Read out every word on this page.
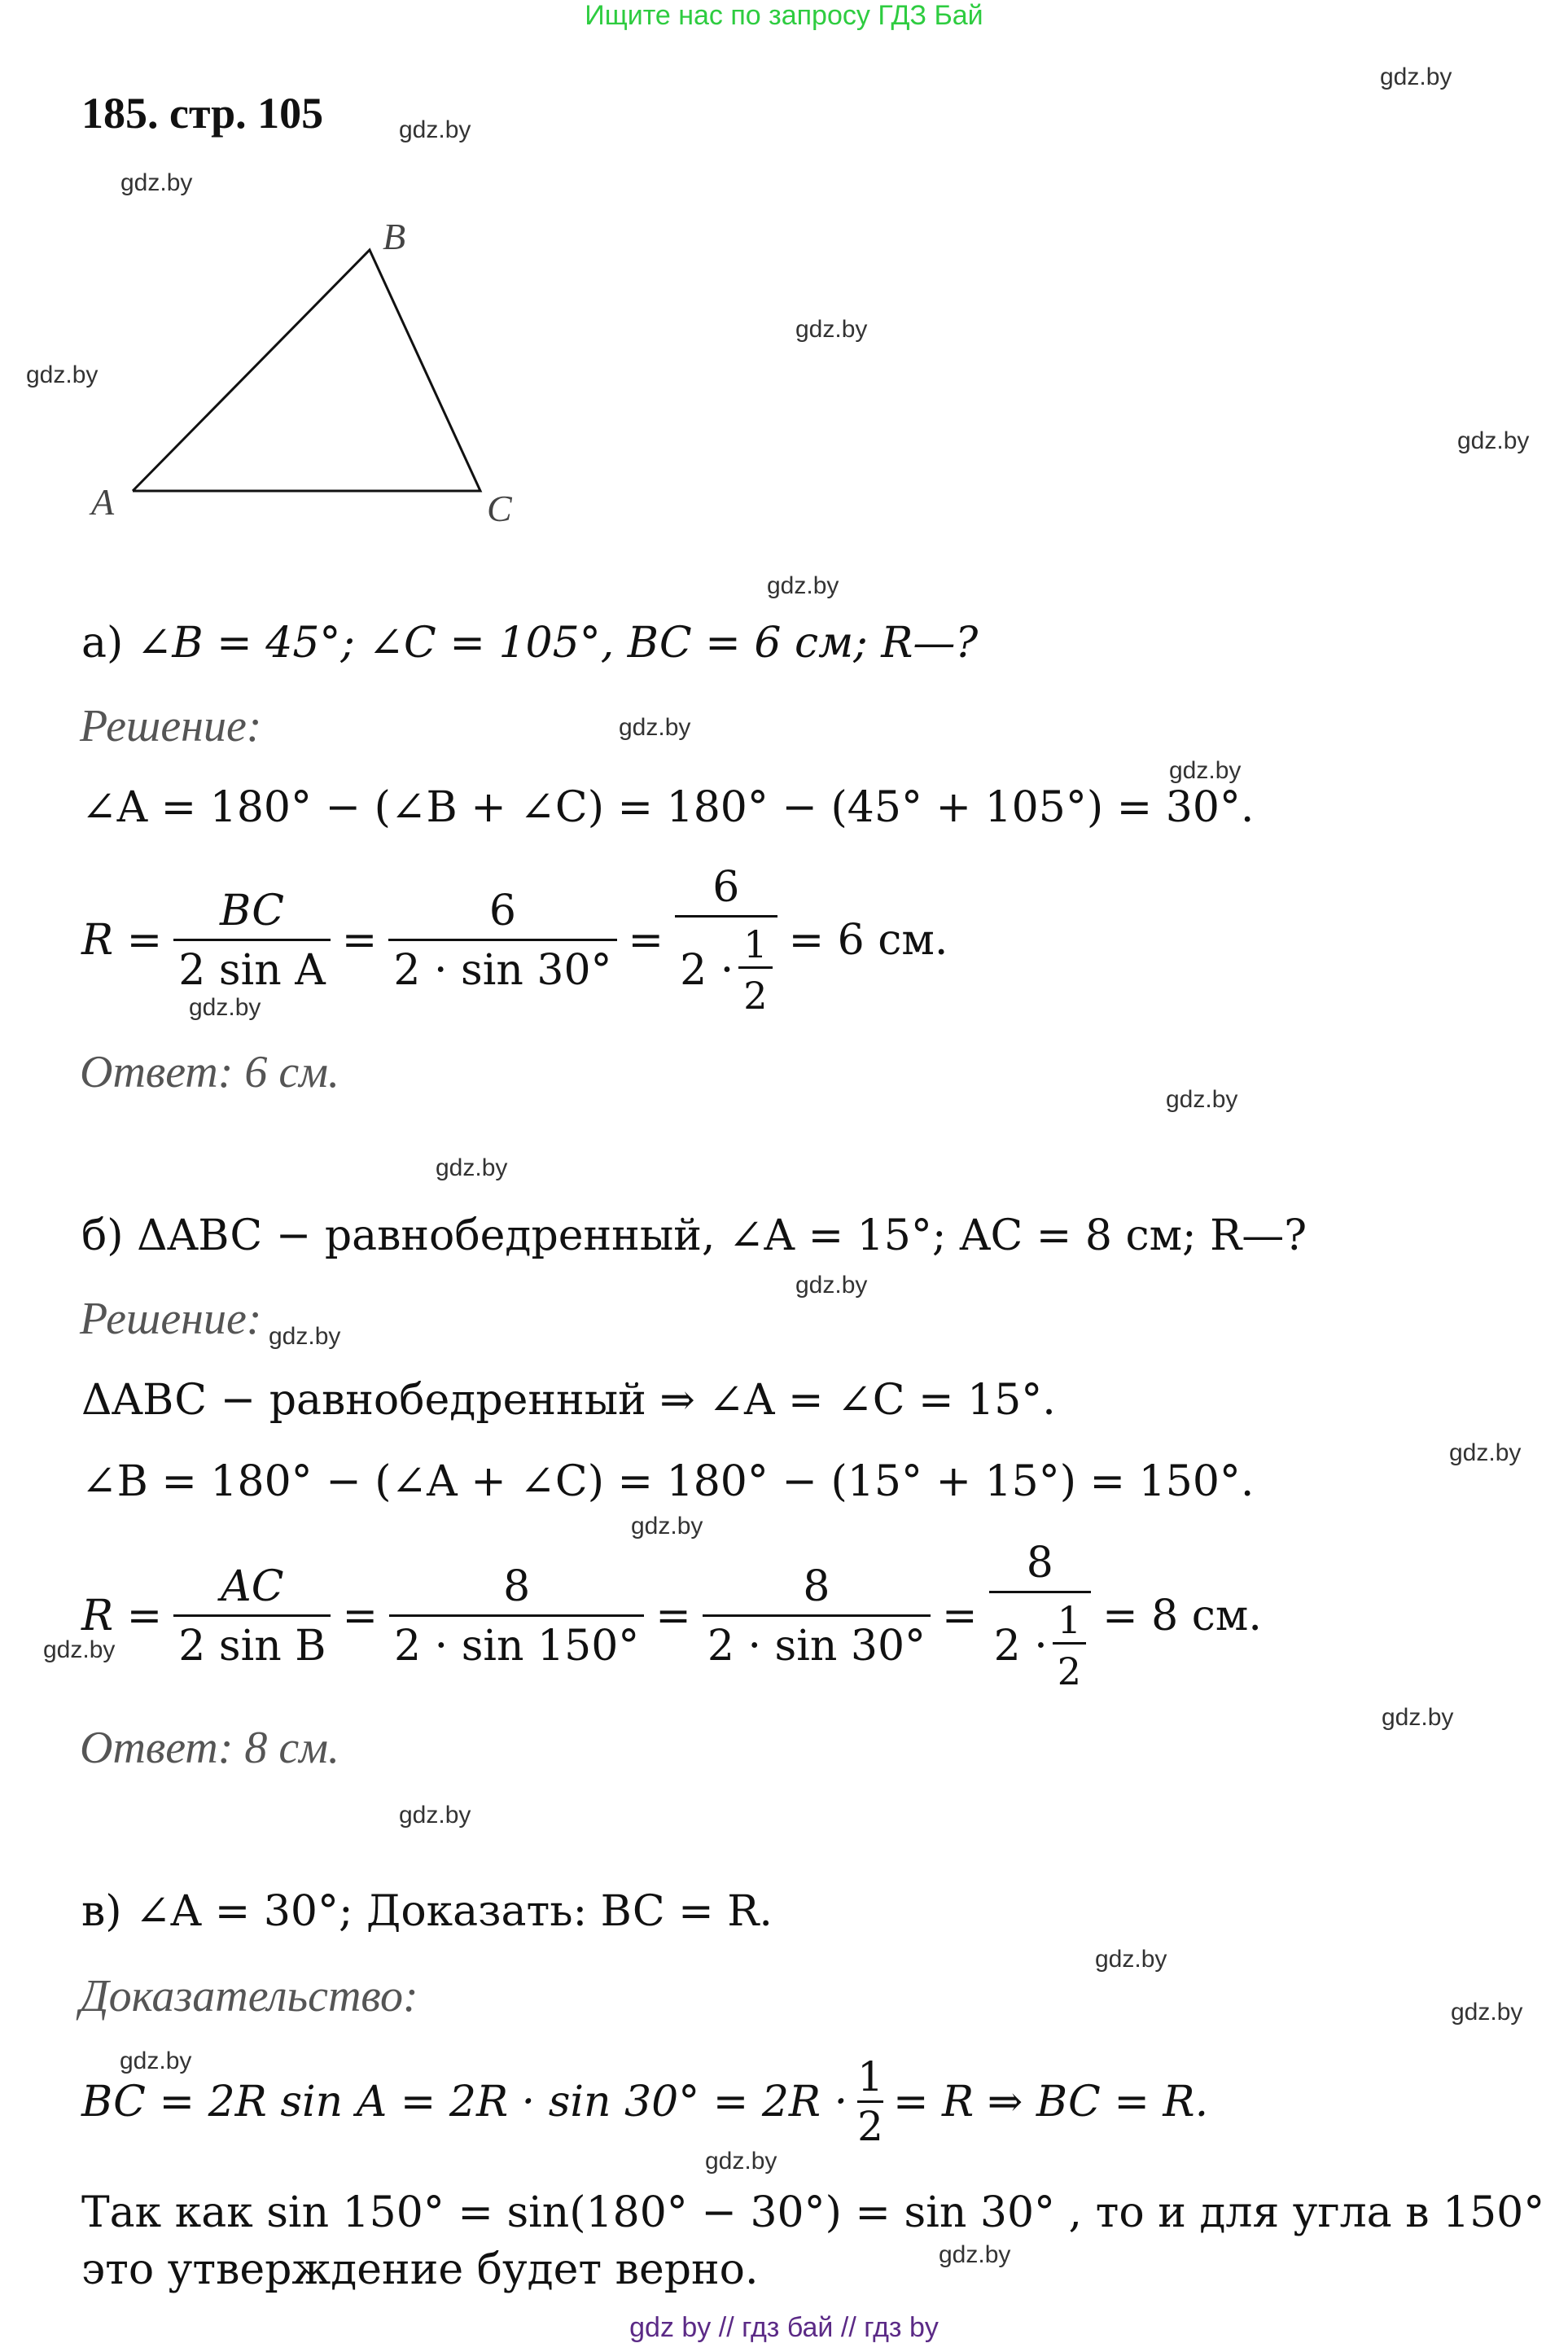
Ищите нас по запросу ГДЗ Бай
185. стр. 105
gdz.by
gdz.by
gdz.by
gdz.by
gdz.by
gdz.by
gdz.by
gdz.by
gdz.by
gdz.by
gdz.by
gdz.by
gdz.by
gdz.by
gdz.by
gdz.by
gdz.by
gdz.by
gdz.by
gdz.by
gdz.by
gdz.by
gdz.by
gdz.by
A
B
C
а) ∠B = 45°; ∠C = 105°, BC = 6 см; R—?
Решение:
∠A = 180° − (∠B + ∠C) = 180° − (45° + 105°) = 30°.
$R = \frac{BC}{\text{2 sin A}} = \frac{6}{2 \cdot \sin 30^\circ} = 6$
2 ·
1
2 = 6 см.
Ответ: 6 см.
б) ΔABC − равнобедренный, ∠A = 15°; AC = 8 см; R—?
Решение:
ΔABC − равнобедренный ⇒ ∠A = ∠C = 15°.
∠B = 180° − (∠A + ∠C) = 180° − (15° + 15°) = 150°.
$R = \frac{AC}{\text{2 sin B}} = \frac{8}{2 \cdot \sin 150^\circ} = \frac{8}{2 \cdot \sin 30^\circ} = 8$
2 ·
1
2 = 8 см.
Ответ: 8 см.
в) ∠A = 30°; Доказать: BC = R.
Доказательство:
BC = 2R $\sin A = 2R \cdot \sin 30^\circ = 2R \cdot \frac{1}{2} = R$ ⇒ BC = R.
Так как sin 150° = sin(180° − 30°) = sin 30° , то и для угла в 150°
это утверждение будет верно.
gdz by // гдз бай // гдз by
